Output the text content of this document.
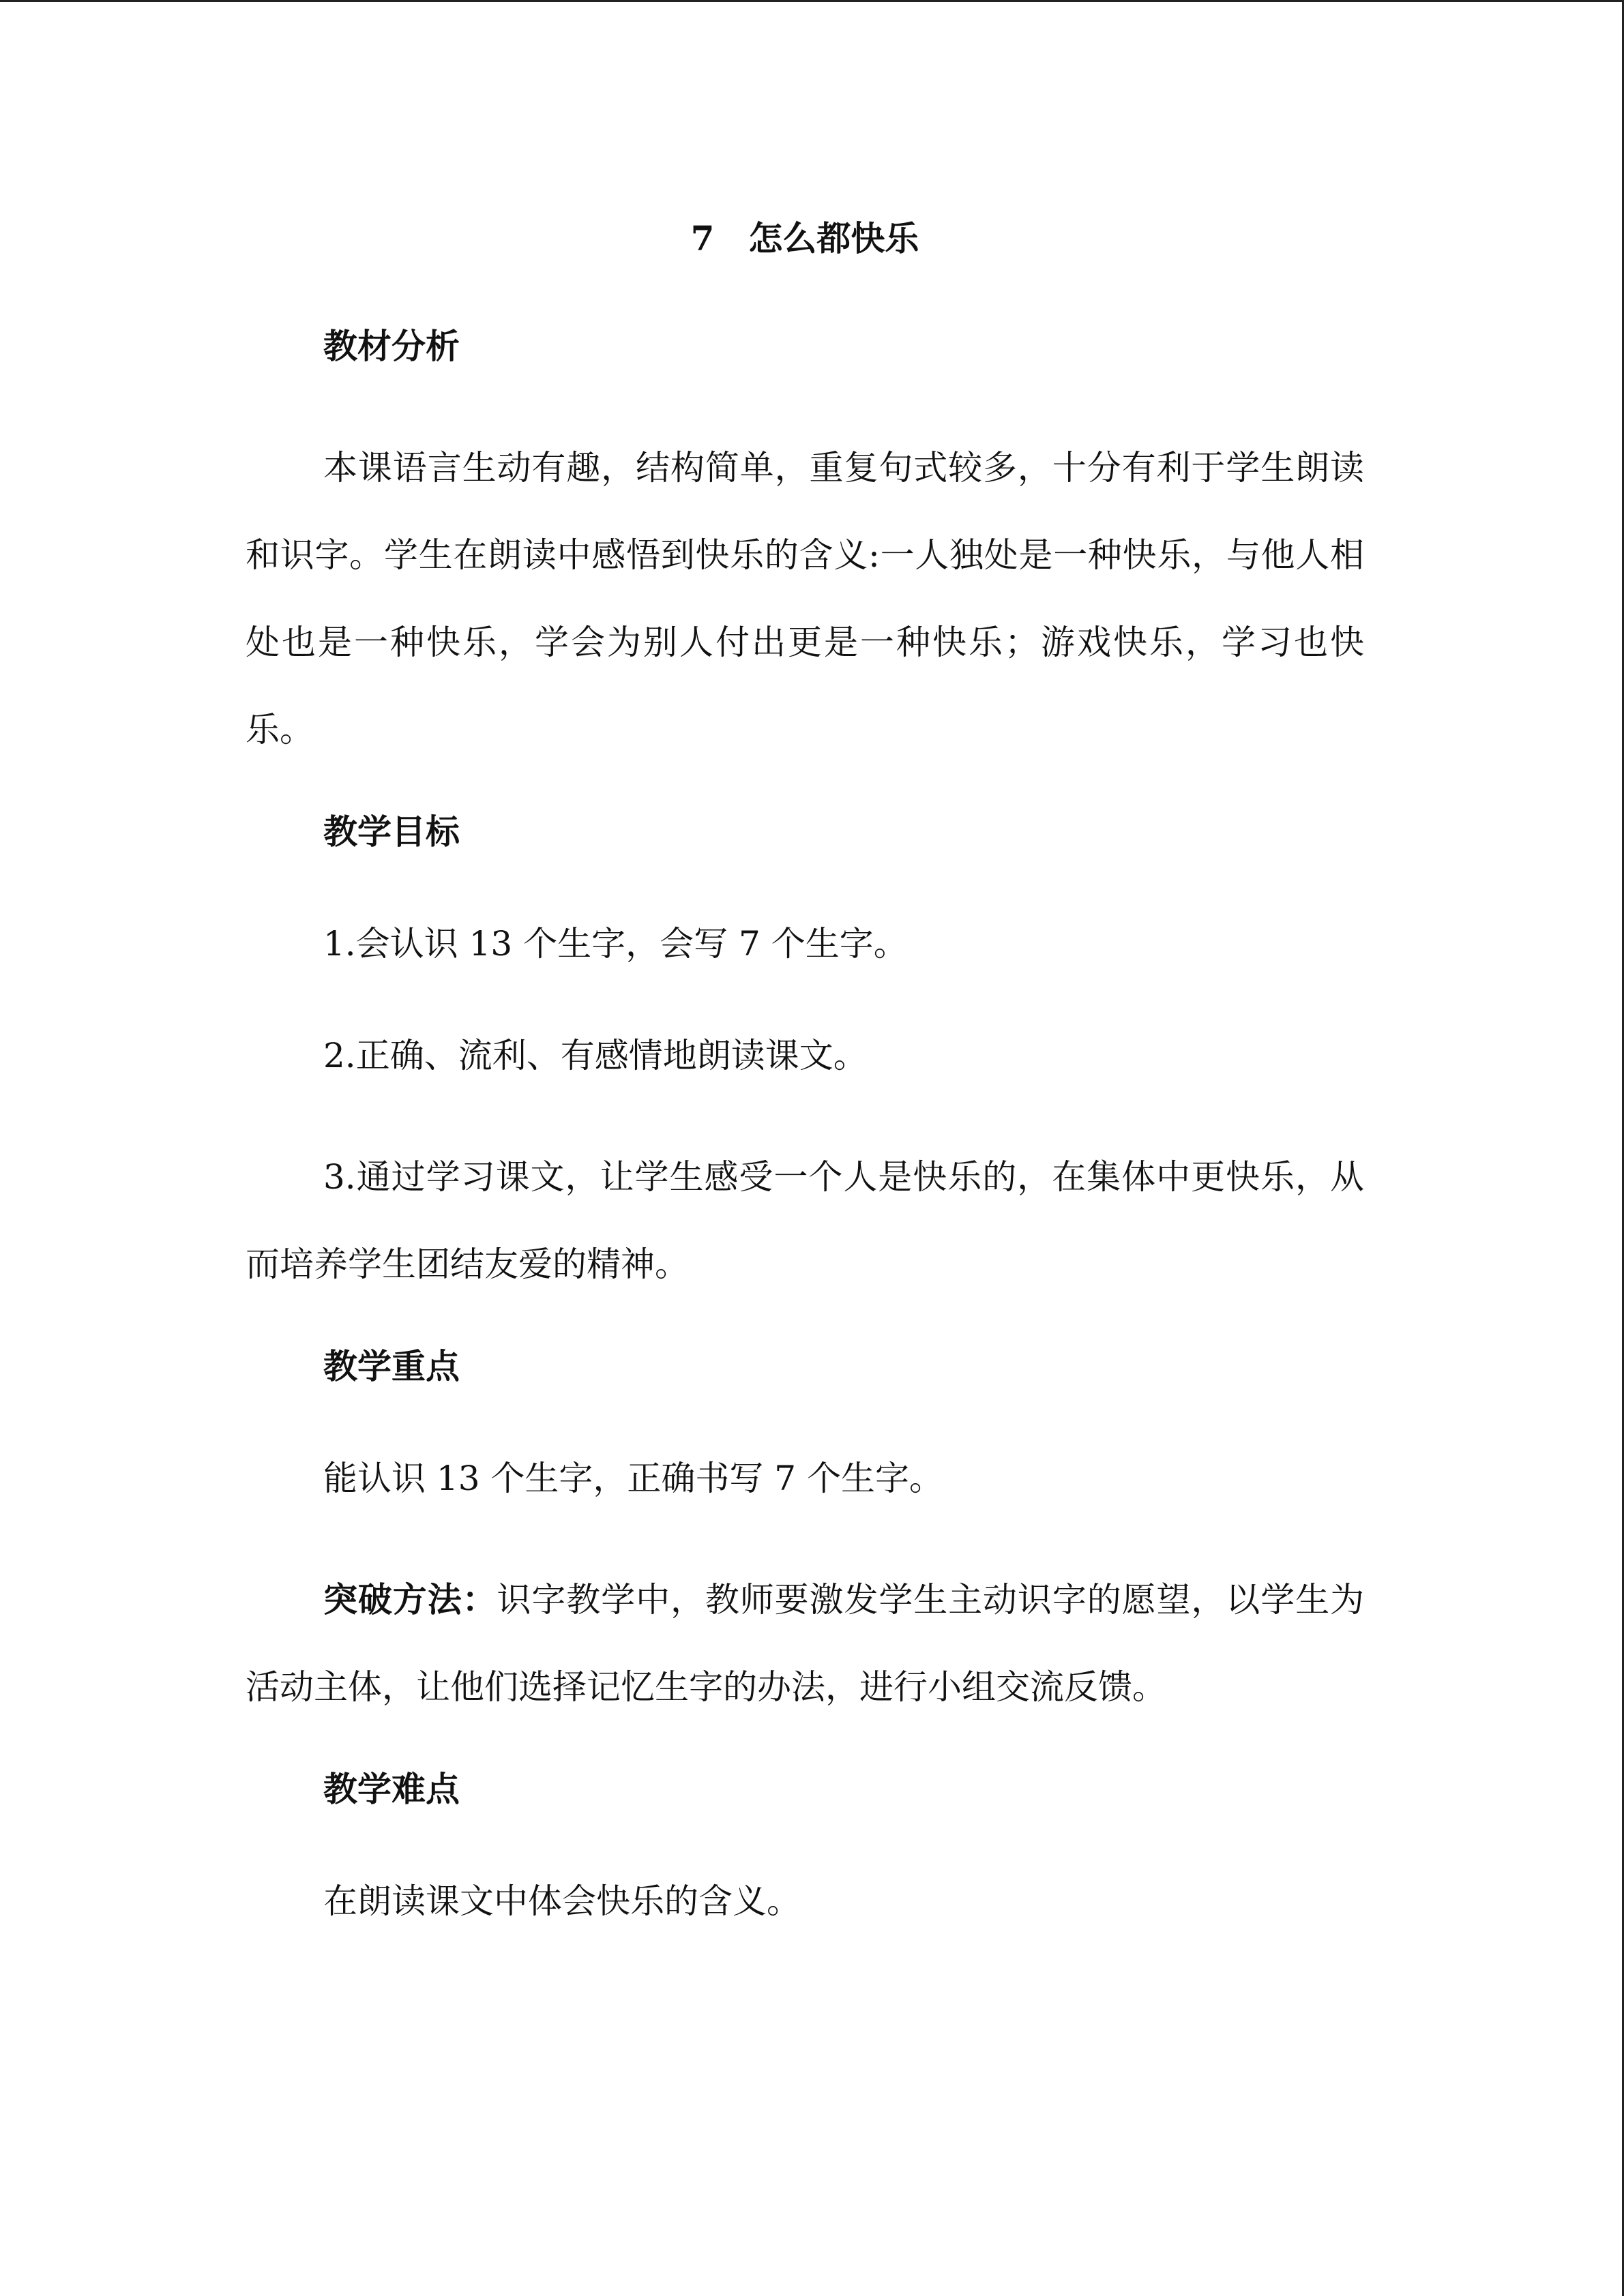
7　怎么都快乐
教材分析

本课语言生动有趣，结构简单，重复句式较多，十分有利于学生朗读和识字。学生在朗读中感悟到快乐的含义:一人独处是一种快乐，与他人相处也是一种快乐，学会为别人付出更是一种快乐；游戏快乐，学习也快乐。

教学目标

1.会认识 13 个生字，会写 7 个生字。

2.正确、流利、有感情地朗读课文。

3.通过学习课文，让学生感受一个人是快乐的，在集体中更快乐，从而培养学生团结友爱的精神。

教学重点

能认识 13 个生字，正确书写 7 个生字。

突破方法：识字教学中，教师要激发学生主动识字的愿望，以学生为活动主体，让他们选择记忆生字的办法，进行小组交流反馈。

教学难点

在朗读课文中体会快乐的含义。
